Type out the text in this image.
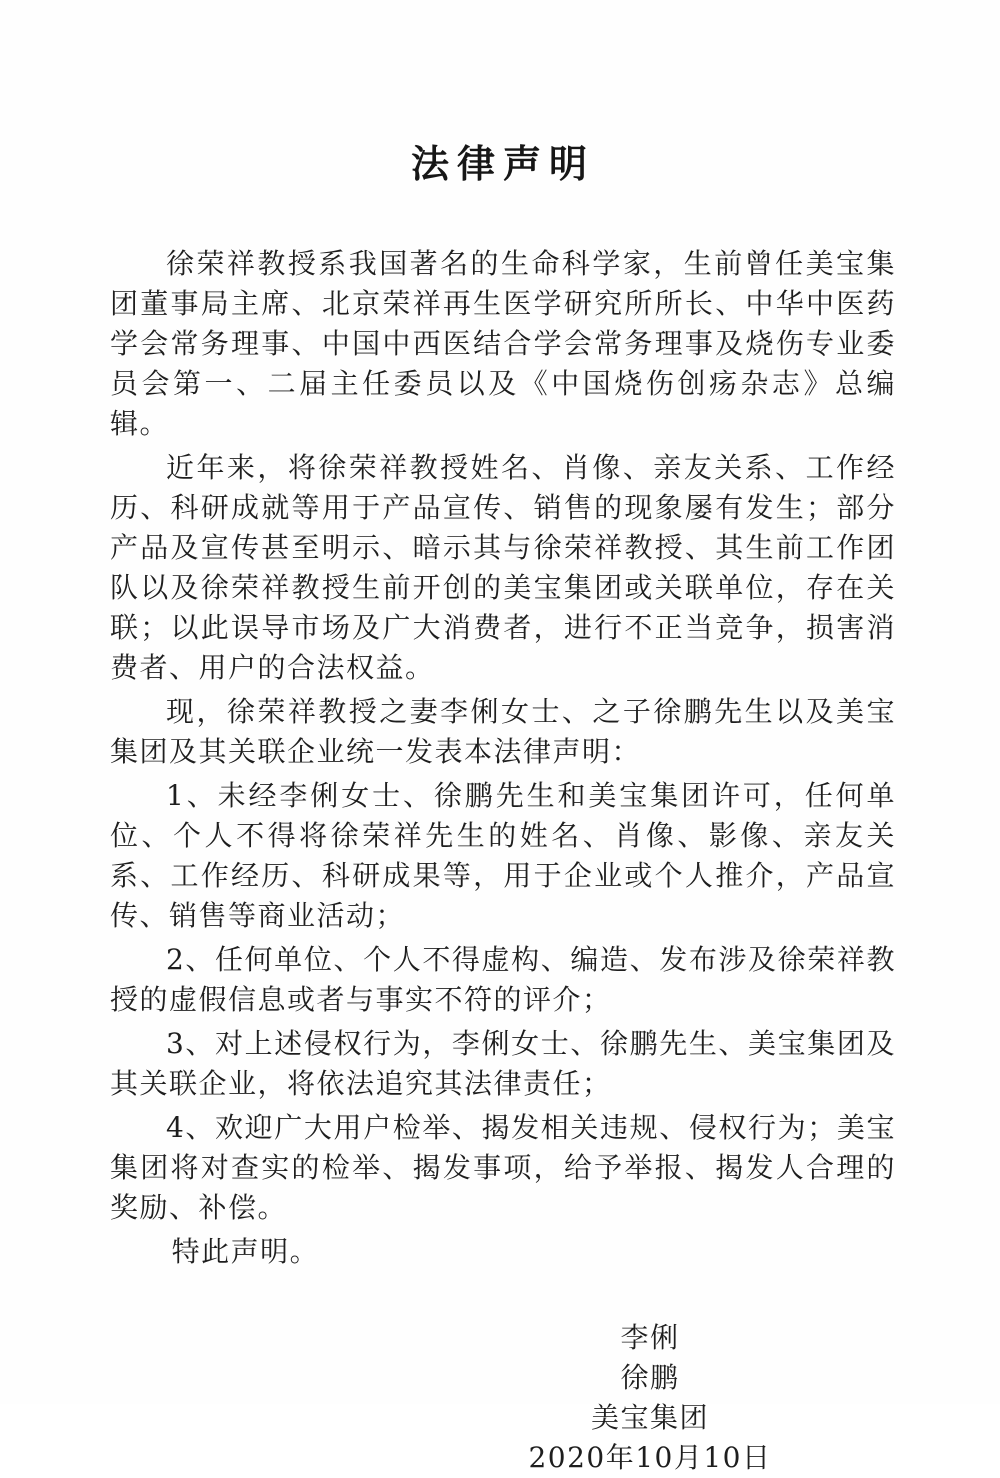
法律声明

徐荣祥教授系我国著名的生命科学家，生前曾任美宝集团董事局主席、北京荣祥再生医学研究所所长、中华中医药学会常务理事、中国中西医结合学会常务理事及烧伤专业委员会第一、二届主任委员以及《中国烧伤创疡杂志》总编辑。

近年来，将徐荣祥教授姓名、肖像、亲友关系、工作经历、科研成就等用于产品宣传、销售的现象屡有发生；部分产品及宣传甚至明示、暗示其与徐荣祥教授、其生前工作团队以及徐荣祥教授生前开创的美宝集团或关联单位，存在关联；以此误导市场及广大消费者，进行不正当竞争，损害消费者、用户的合法权益。

现，徐荣祥教授之妻李俐女士、之子徐鹏先生以及美宝集团及其关联企业统一发表本法律声明：

1、未经李俐女士、徐鹏先生和美宝集团许可，任何单位、个人不得将徐荣祥先生的姓名、肖像、影像、亲友关系、工作经历、科研成果等，用于企业或个人推介，产品宣传、销售等商业活动；

2、任何单位、个人不得虚构、编造、发布涉及徐荣祥教授的虚假信息或者与事实不符的评介；

3、对上述侵权行为，李俐女士、徐鹏先生、美宝集团及其关联企业，将依法追究其法律责任；

4、欢迎广大用户检举、揭发相关违规、侵权行为；美宝集团将对查实的检举、揭发事项，给予举报、揭发人合理的奖励、补偿。

特此声明。

李俐

徐鹏

美宝集团

2020年10月10日
